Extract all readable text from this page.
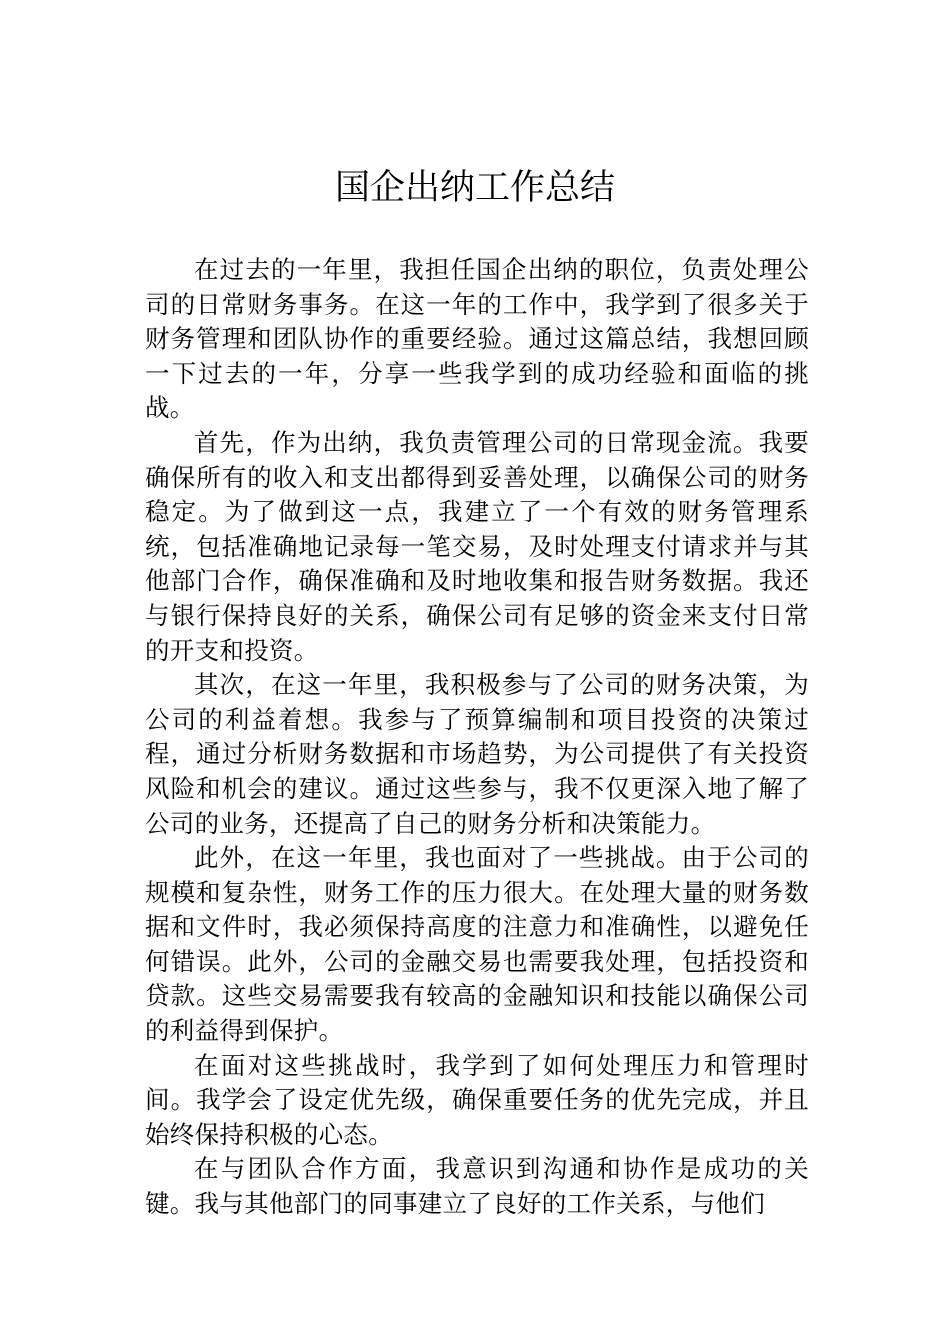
国企出纳工作总结

在过去的一年里，我担任国企出纳的职位，负责处理公司的日常财务事务。在这一年的工作中，我学到了很多关于财务管理和团队协作的重要经验。通过这篇总结，我想回顾一下过去的一年，分享一些我学到的成功经验和面临的挑战。

首先，作为出纳，我负责管理公司的日常现金流。我要确保所有的收入和支出都得到妥善处理，以确保公司的财务稳定。为了做到这一点，我建立了一个有效的财务管理系统，包括准确地记录每一笔交易，及时处理支付请求并与其他部门合作，确保准确和及时地收集和报告财务数据。我还与银行保持良好的关系，确保公司有足够的资金来支付日常的开支和投资。

其次，在这一年里，我积极参与了公司的财务决策，为公司的利益着想。我参与了预算编制和项目投资的决策过程，通过分析财务数据和市场趋势，为公司提供了有关投资风险和机会的建议。通过这些参与，我不仅更深入地了解了公司的业务，还提高了自己的财务分析和决策能力。

此外，在这一年里，我也面对了一些挑战。由于公司的规模和复杂性，财务工作的压力很大。在处理大量的财务数据和文件时，我必须保持高度的注意力和准确性，以避免任何错误。此外，公司的金融交易也需要我处理，包括投资和贷款。这些交易需要我有较高的金融知识和技能以确保公司的利益得到保护。

在面对这些挑战时，我学到了如何处理压力和管理时间。我学会了设定优先级，确保重要任务的优先完成，并且始终保持积极的心态。

在与团队合作方面，我意识到沟通和协作是成功的关键。我与其他部门的同事建立了良好的工作关系，与他们
